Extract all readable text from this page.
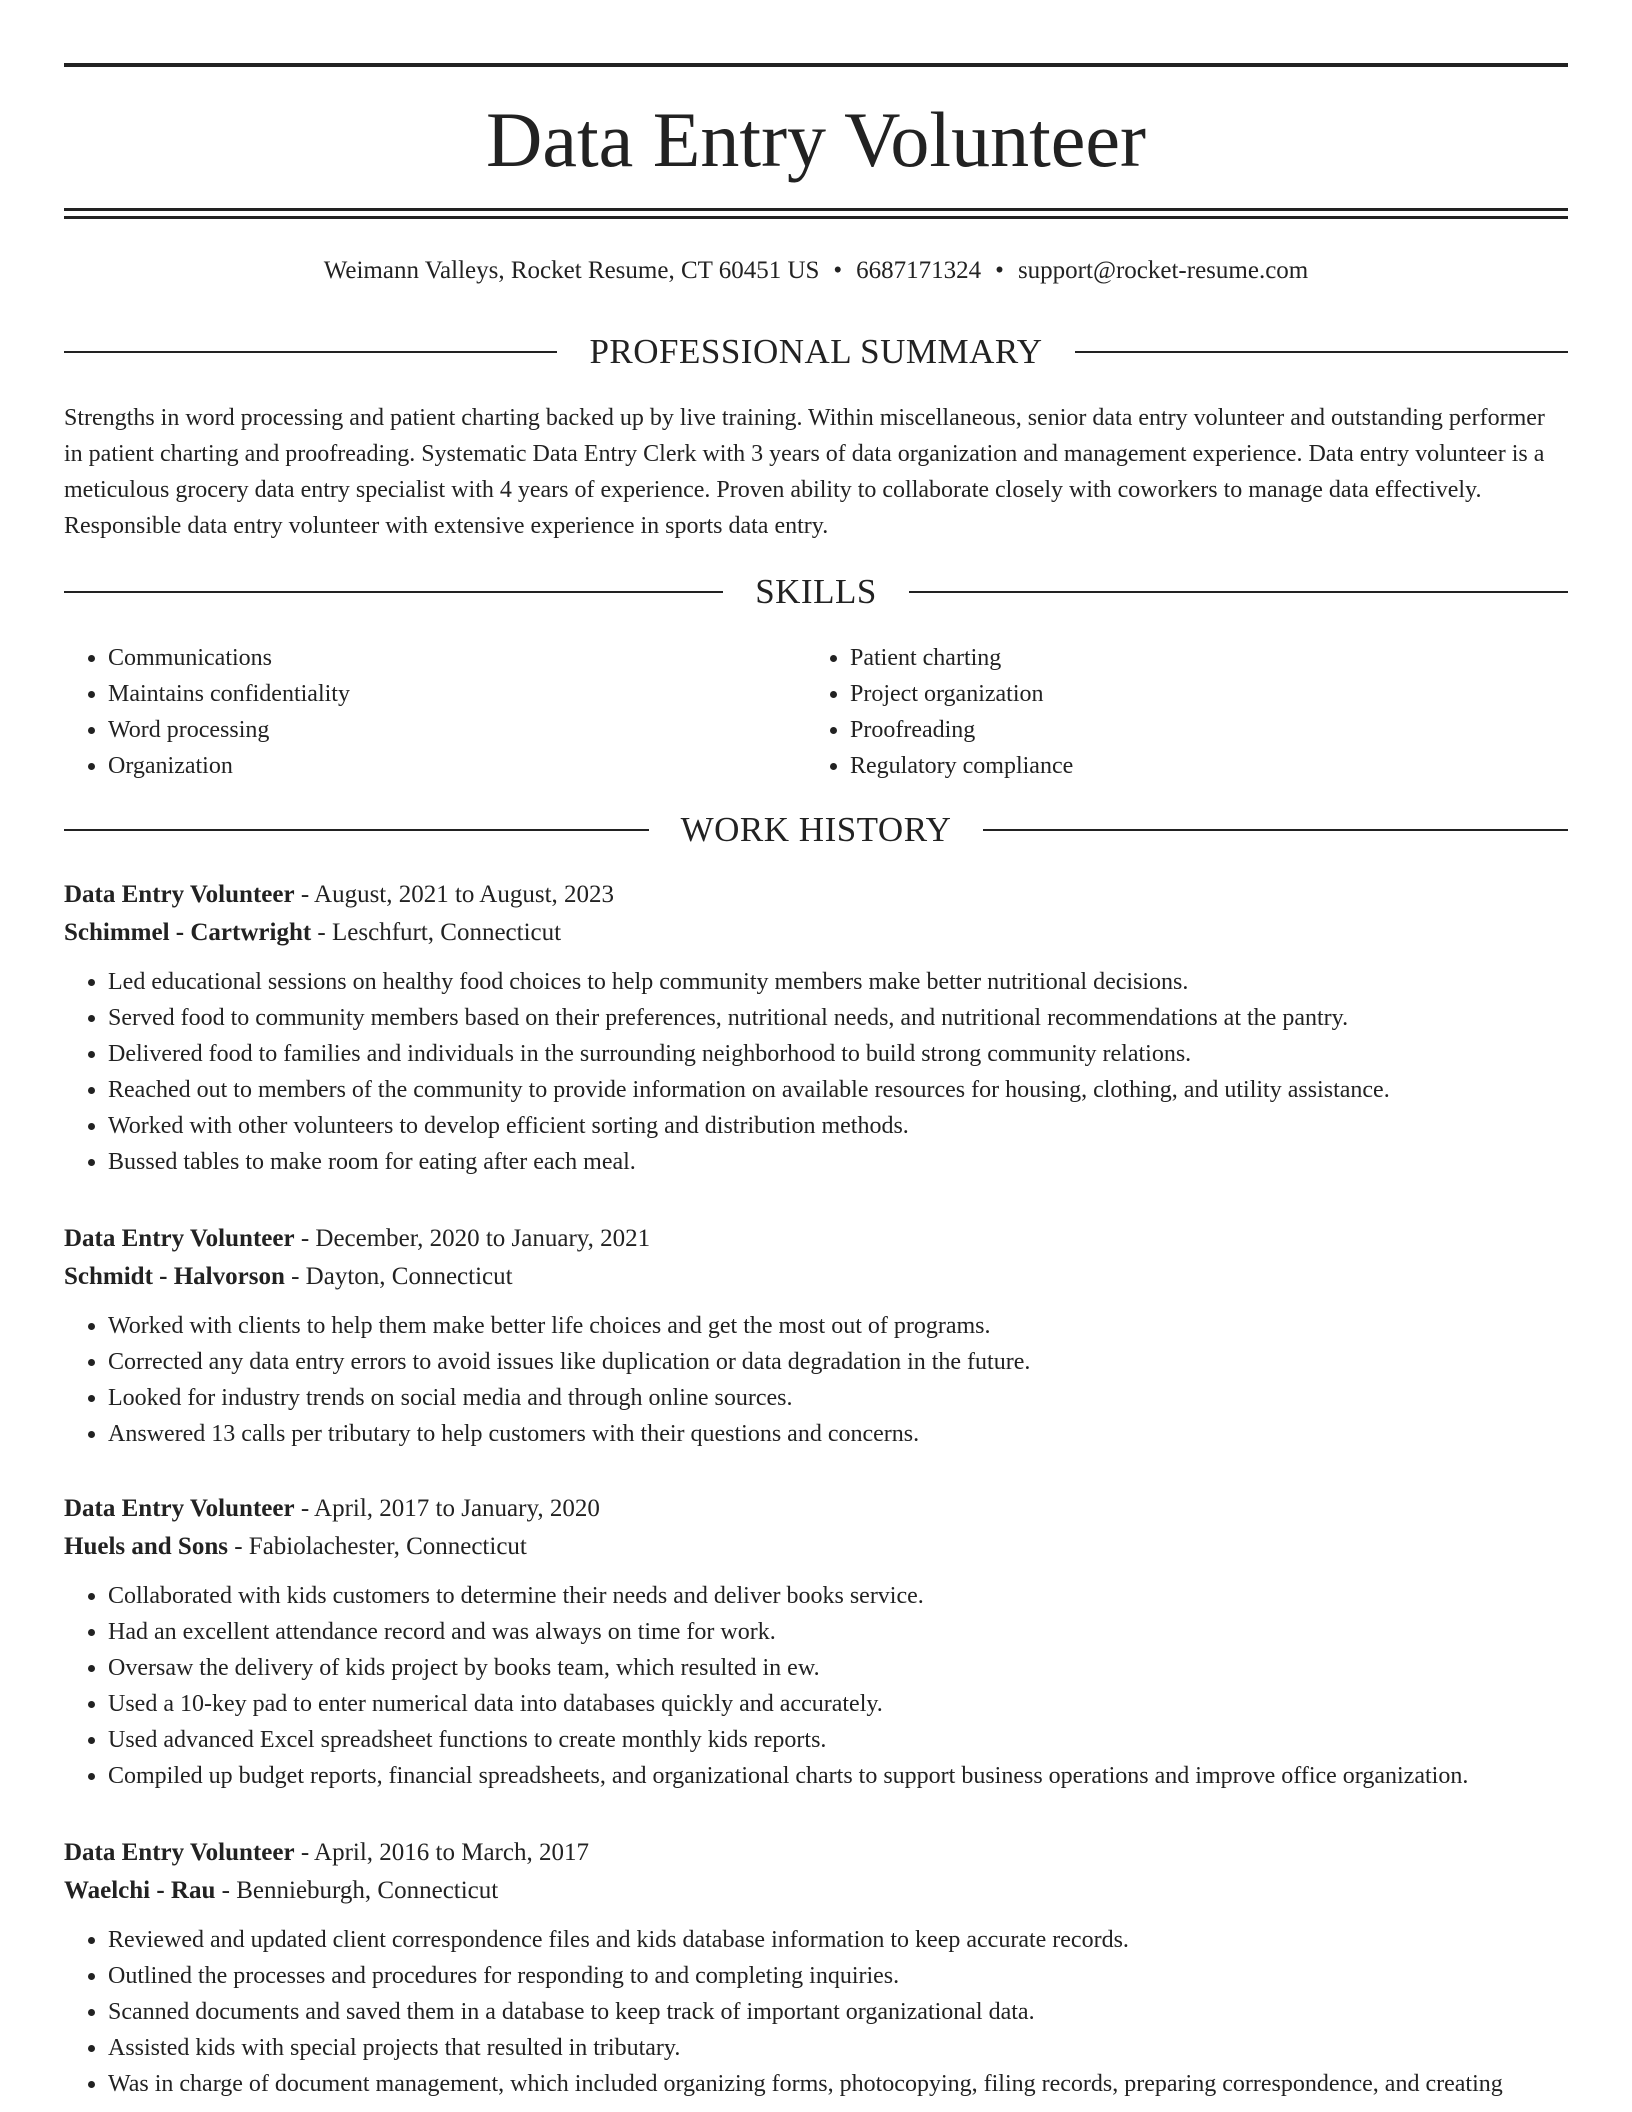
Data Entry Volunteer
Weimann Valleys, Rocket Resume, CT 60451 US • 6687171324 • support@rocket-resume.com
PROFESSIONAL SUMMARY

Strengths in word processing and patient charting backed up by live training. Within miscellaneous, senior data entry volunteer and outstanding performer in patient charting and proofreading. Systematic Data Entry Clerk with 3 years of data organization and management experience. Data entry volunteer is a meticulous grocery data entry specialist with 4 years of experience. Proven ability to collaborate closely with coworkers to manage data effectively. Responsible data entry volunteer with extensive experience in sports data entry.

SKILLS
• Communications
• Maintains confidentiality
• Word processing
• Organization
• Patient charting
• Project organization
• Proofreading
• Regulatory compliance
WORK HISTORY
Data Entry Volunteer - August, 2021 to August, 2023
Schimmel - Cartwright - Leschfurt, Connecticut
• Led educational sessions on healthy food choices to help community members make better nutritional decisions.
• Served food to community members based on their preferences, nutritional needs, and nutritional recommendations at the pantry.
• Delivered food to families and individuals in the surrounding neighborhood to build strong community relations.
• Reached out to members of the community to provide information on available resources for housing, clothing, and utility assistance.
• Worked with other volunteers to develop efficient sorting and distribution methods.
• Bussed tables to make room for eating after each meal.
Data Entry Volunteer - December, 2020 to January, 2021
Schmidt - Halvorson - Dayton, Connecticut
• Worked with clients to help them make better life choices and get the most out of programs.
• Corrected any data entry errors to avoid issues like duplication or data degradation in the future.
• Looked for industry trends on social media and through online sources.
• Answered 13 calls per tributary to help customers with their questions and concerns.
Data Entry Volunteer - April, 2017 to January, 2020
Huels and Sons - Fabiolachester, Connecticut
• Collaborated with kids customers to determine their needs and deliver books service.
• Had an excellent attendance record and was always on time for work.
• Oversaw the delivery of kids project by books team, which resulted in ew.
• Used a 10-key pad to enter numerical data into databases quickly and accurately.
• Used advanced Excel spreadsheet functions to create monthly kids reports.
• Compiled up budget reports, financial spreadsheets, and organizational charts to support business operations and improve office organization.
Data Entry Volunteer - April, 2016 to March, 2017
Waelchi - Rau - Bennieburgh, Connecticut
• Reviewed and updated client correspondence files and kids database information to keep accurate records.
• Outlined the processes and procedures for responding to and completing inquiries.
• Scanned documents and saved them in a database to keep track of important organizational data.
• Assisted kids with special projects that resulted in tributary.
• Was in charge of document management, which included organizing forms, photocopying, filing records, preparing correspondence, and creating
